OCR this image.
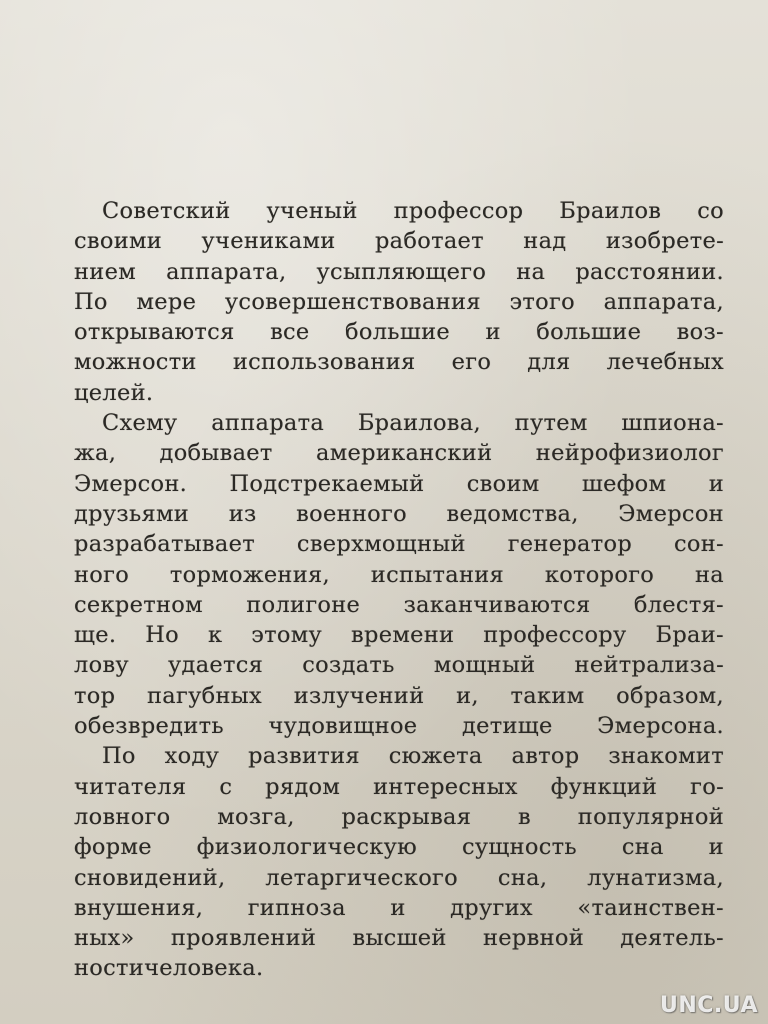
Советский ученый профессор Браилов со
своими учениками работает над изобрете-
нием аппарата, усыпляющего на расстоянии.
По мере усовершенствования этого аппарата,
открываются все большие и большие воз-
можности использования его для лечебных
целей.
Схему аппарата Браилова, путем шпиона-
жа, добывает американский нейрофизиолог
Эмерсон. Подстрекаемый своим шефом и
друзьями из военного ведомства, Эмерсон
разрабатывает сверхмощный генератор сон-
ного торможения, испытания которого на
секретном полигоне заканчиваются блестя-
ще. Но к этому времени профессору Браи-
лову удается создать мощный нейтрализа-
тор пагубных излучений и, таким образом,
обезвредить чудовищное детище Эмерсона.
По ходу развития сюжета автор знакомит
читателя с рядом интересных функций го-
ловного мозга, раскрывая в популярной
форме физиологическую сущность сна и
сновидений, летаргического сна, лунатизма,
внушения, гипноза и других «таинствен-
ных» проявлений высшей нервной деятель-
ности человека.
UNC.UA
